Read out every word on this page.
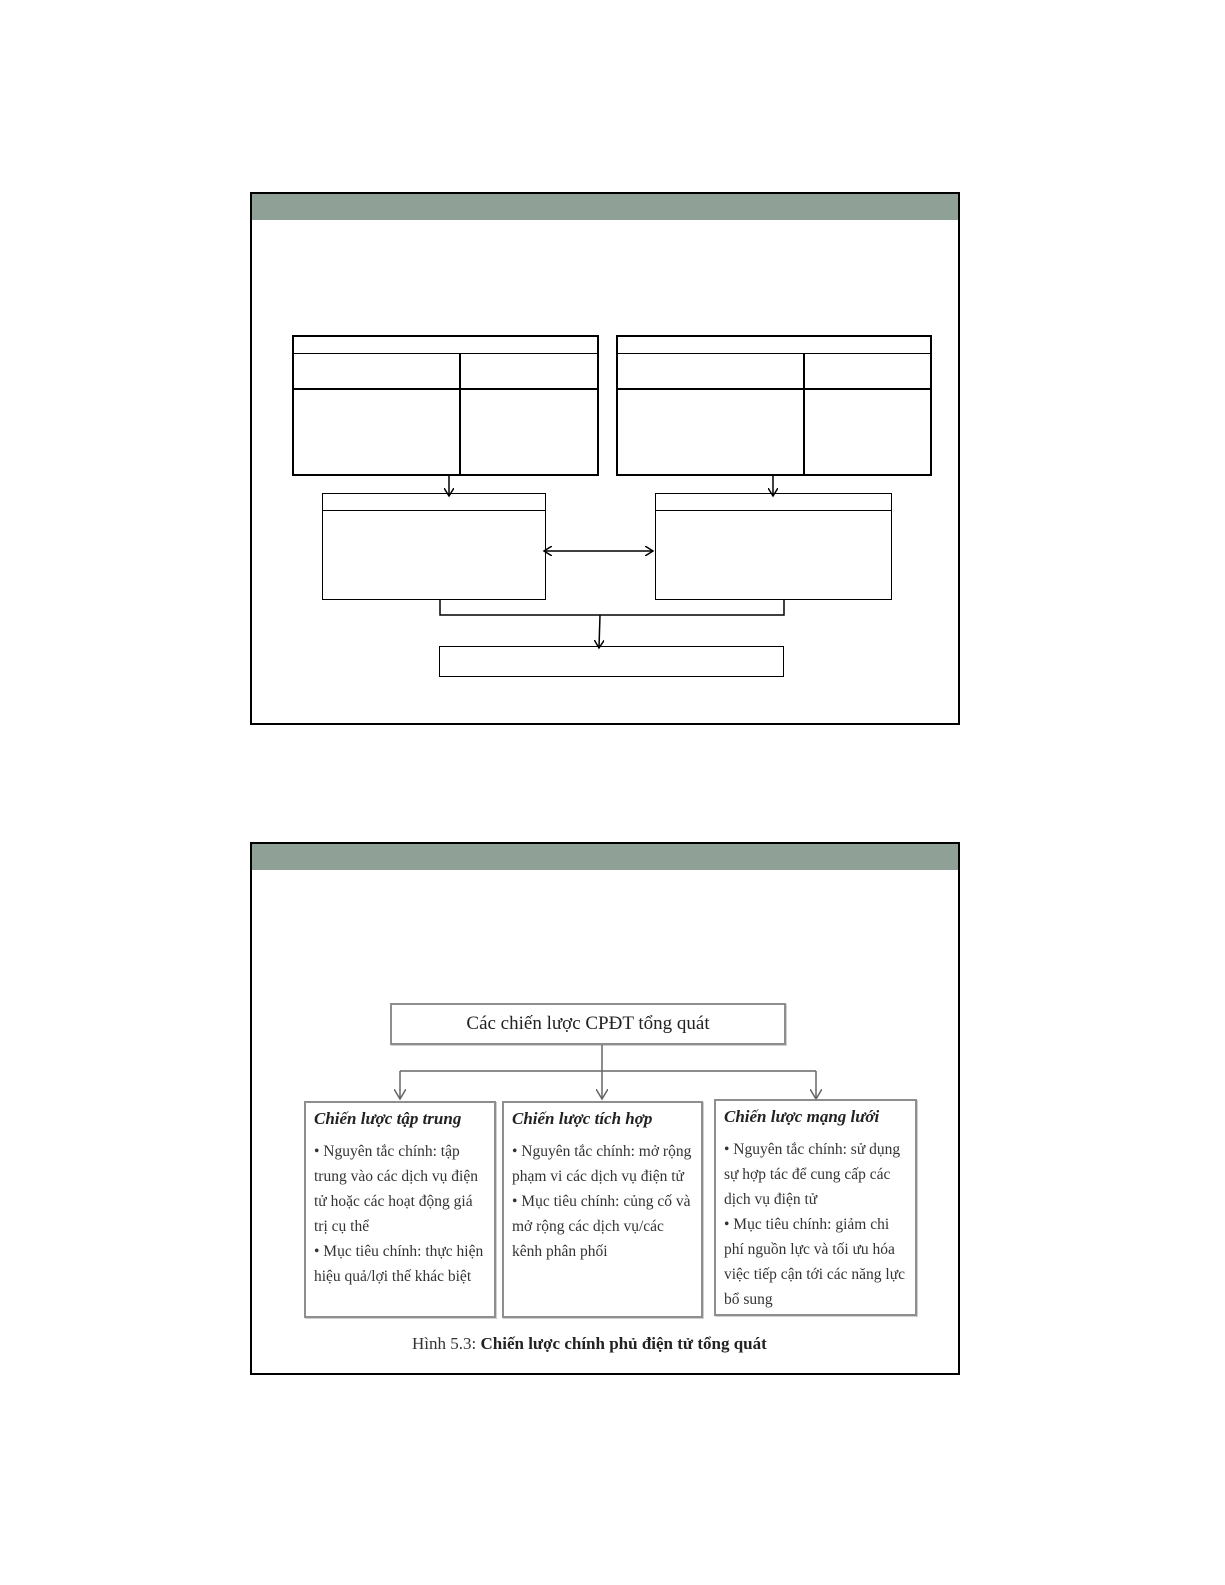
Các chiến lược CPĐT tổng quát
Chiến lược tập trung
• Nguyên tắc chính: tập trung vào các dịch vụ điện tử hoặc các hoạt động giá trị cụ thể
• Mục tiêu chính: thực hiện hiệu quả/lợi thế khác biệt
Chiến lược tích hợp
• Nguyên tắc chính: mở rộng phạm vi các dịch vụ điện tử
• Mục tiêu chính: củng cố và mở rộng các dịch vụ/các kênh phân phối
Chiến lược mạng lưới
• Nguyên tắc chính: sử dụng sự hợp tác để cung cấp các dịch vụ điện tử
• Mục tiêu chính: giảm chi phí nguồn lực và tối ưu hóa việc tiếp cận tới các năng lực bổ sung
Hình 5.3: Chiến lược chính phủ điện tử tổng quát
